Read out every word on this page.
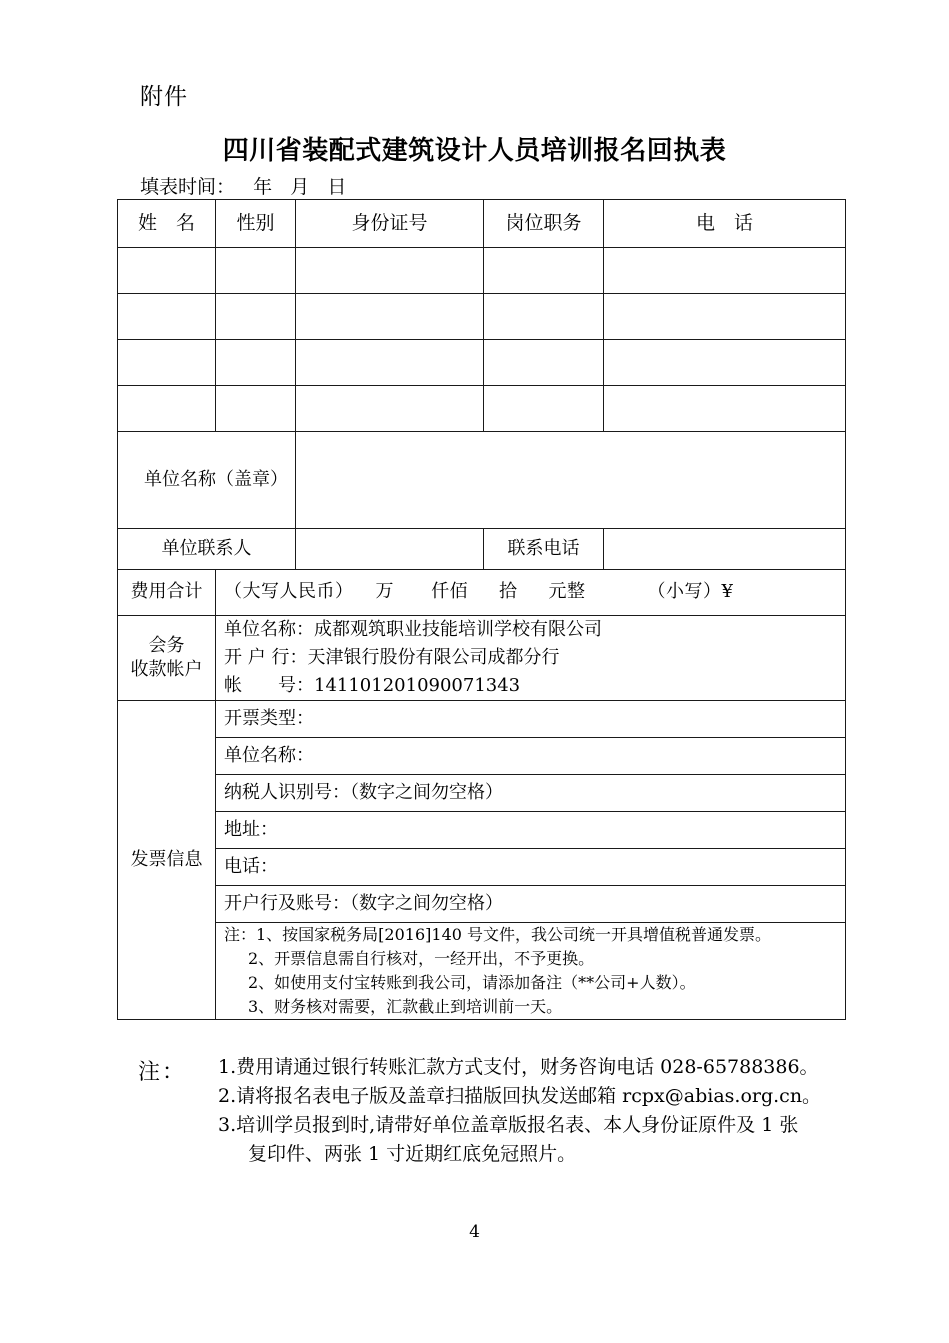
附件
四川省装配式建筑设计人员培训报名回执表
填表时间：   年   月   日
姓　名	性别	身份证号	岗位职务	电　话

单位名称（盖章）				
单位联系人			联系电话	
费用合计	（大写人民币）　  万　   仟佰　  拾　  元整　       （小写）¥			

会务
收款帐户

单位名称：成都观筑职业技能培训学校有限公司
开 户 行：天津银行股份有限公司成都分行
帐　　号：141101201090071343

发票信息	开票类型：			
	单位名称：			
	纳税人识别号：（数字之间勿空格）			
	地址：			
	电话：			
	开户行及账号：（数字之间勿空格）			

	注：1、按国家税务局[2016]140 号文件，我公司统一开具增值税普通发票。
2、开票信息需自行核对，一经开出，不予更换。
2、如使用支付宝转账到我公司，请添加备注（**公司+人数）。
3、财务核对需要，汇款截止到培训前一天。			
注： 1.费用请通过银行转账汇款方式支付，财务咨询电话 028-65788386。
2.请将报名表电子版及盖章扫描版回执发送邮箱 rcpx@abias.org.cn。
3.培训学员报到时,请带好单位盖章版报名表、本人身份证原件及 1 张
复印件、两张 1 寸近期红底免冠照片。
4
